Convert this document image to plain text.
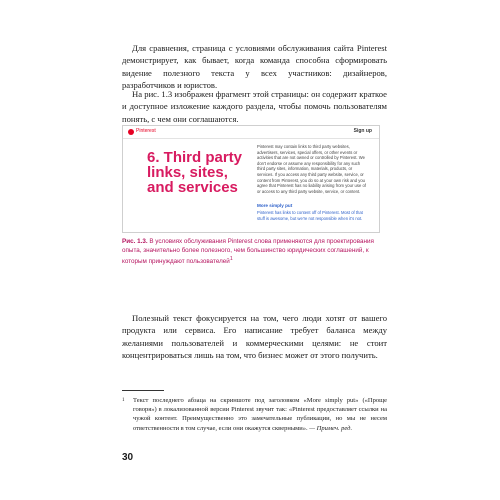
Для сравнения, страница с условиями обслуживания сайта Pinterest демонстрирует, как бывает, когда команда способна сформировать видение полезного текста у всех участников: дизайнеров, разработчиков и юристов.

На рис. 1.3 изображен фрагмент этой страницы: он содержит краткое и доступное изложение каждого раздела, чтобы помочь пользователям понять, с чем они соглашаются.

Pinterest	Sign up
6. Third party links, sites, and services
Pinterest may contain links to third party websites, advertisers, services, special offers, or other events or activities that are not owned or controlled by Pinterest. We don't endorse or assume any responsibility for any such third party sites, information, materials, products, or services. If you access any third party website, service, or content from Pinterest, you do so at your own risk and you agree that Pinterest has no liability arising from your use of or access to any third party website, service, or content.
More simply put
Pinterest has links to content off of Pinterest. Most of that stuff is awesome, but we're not responsible when it's not.
Рис. 1.3. В условиях обслуживания Pinterest слова применяются для проектирования опыта, значительно более полезного, чем большинство юридических соглашений, к которым принуждают пользователей$^1$

Полезный текст фокусируется на том, чего люди хотят от вашего продукта или сервиса. Его написание требует баланса между желаниями пользователей и коммерческими целями: не стоит концентрироваться лишь на том, что бизнес может от этого получить.

1	Текст последнего абзаца на скриншоте под заголовком «More simply put» («Проще говоря») в локализованной версии Pinterest звучит так: «Pinterest предоставляет ссылки на чужой контент. Преимущественно это замечательные публикации, но мы не несем ответственности в том случае, если они окажутся скверными». — Примеч. ред.

30
